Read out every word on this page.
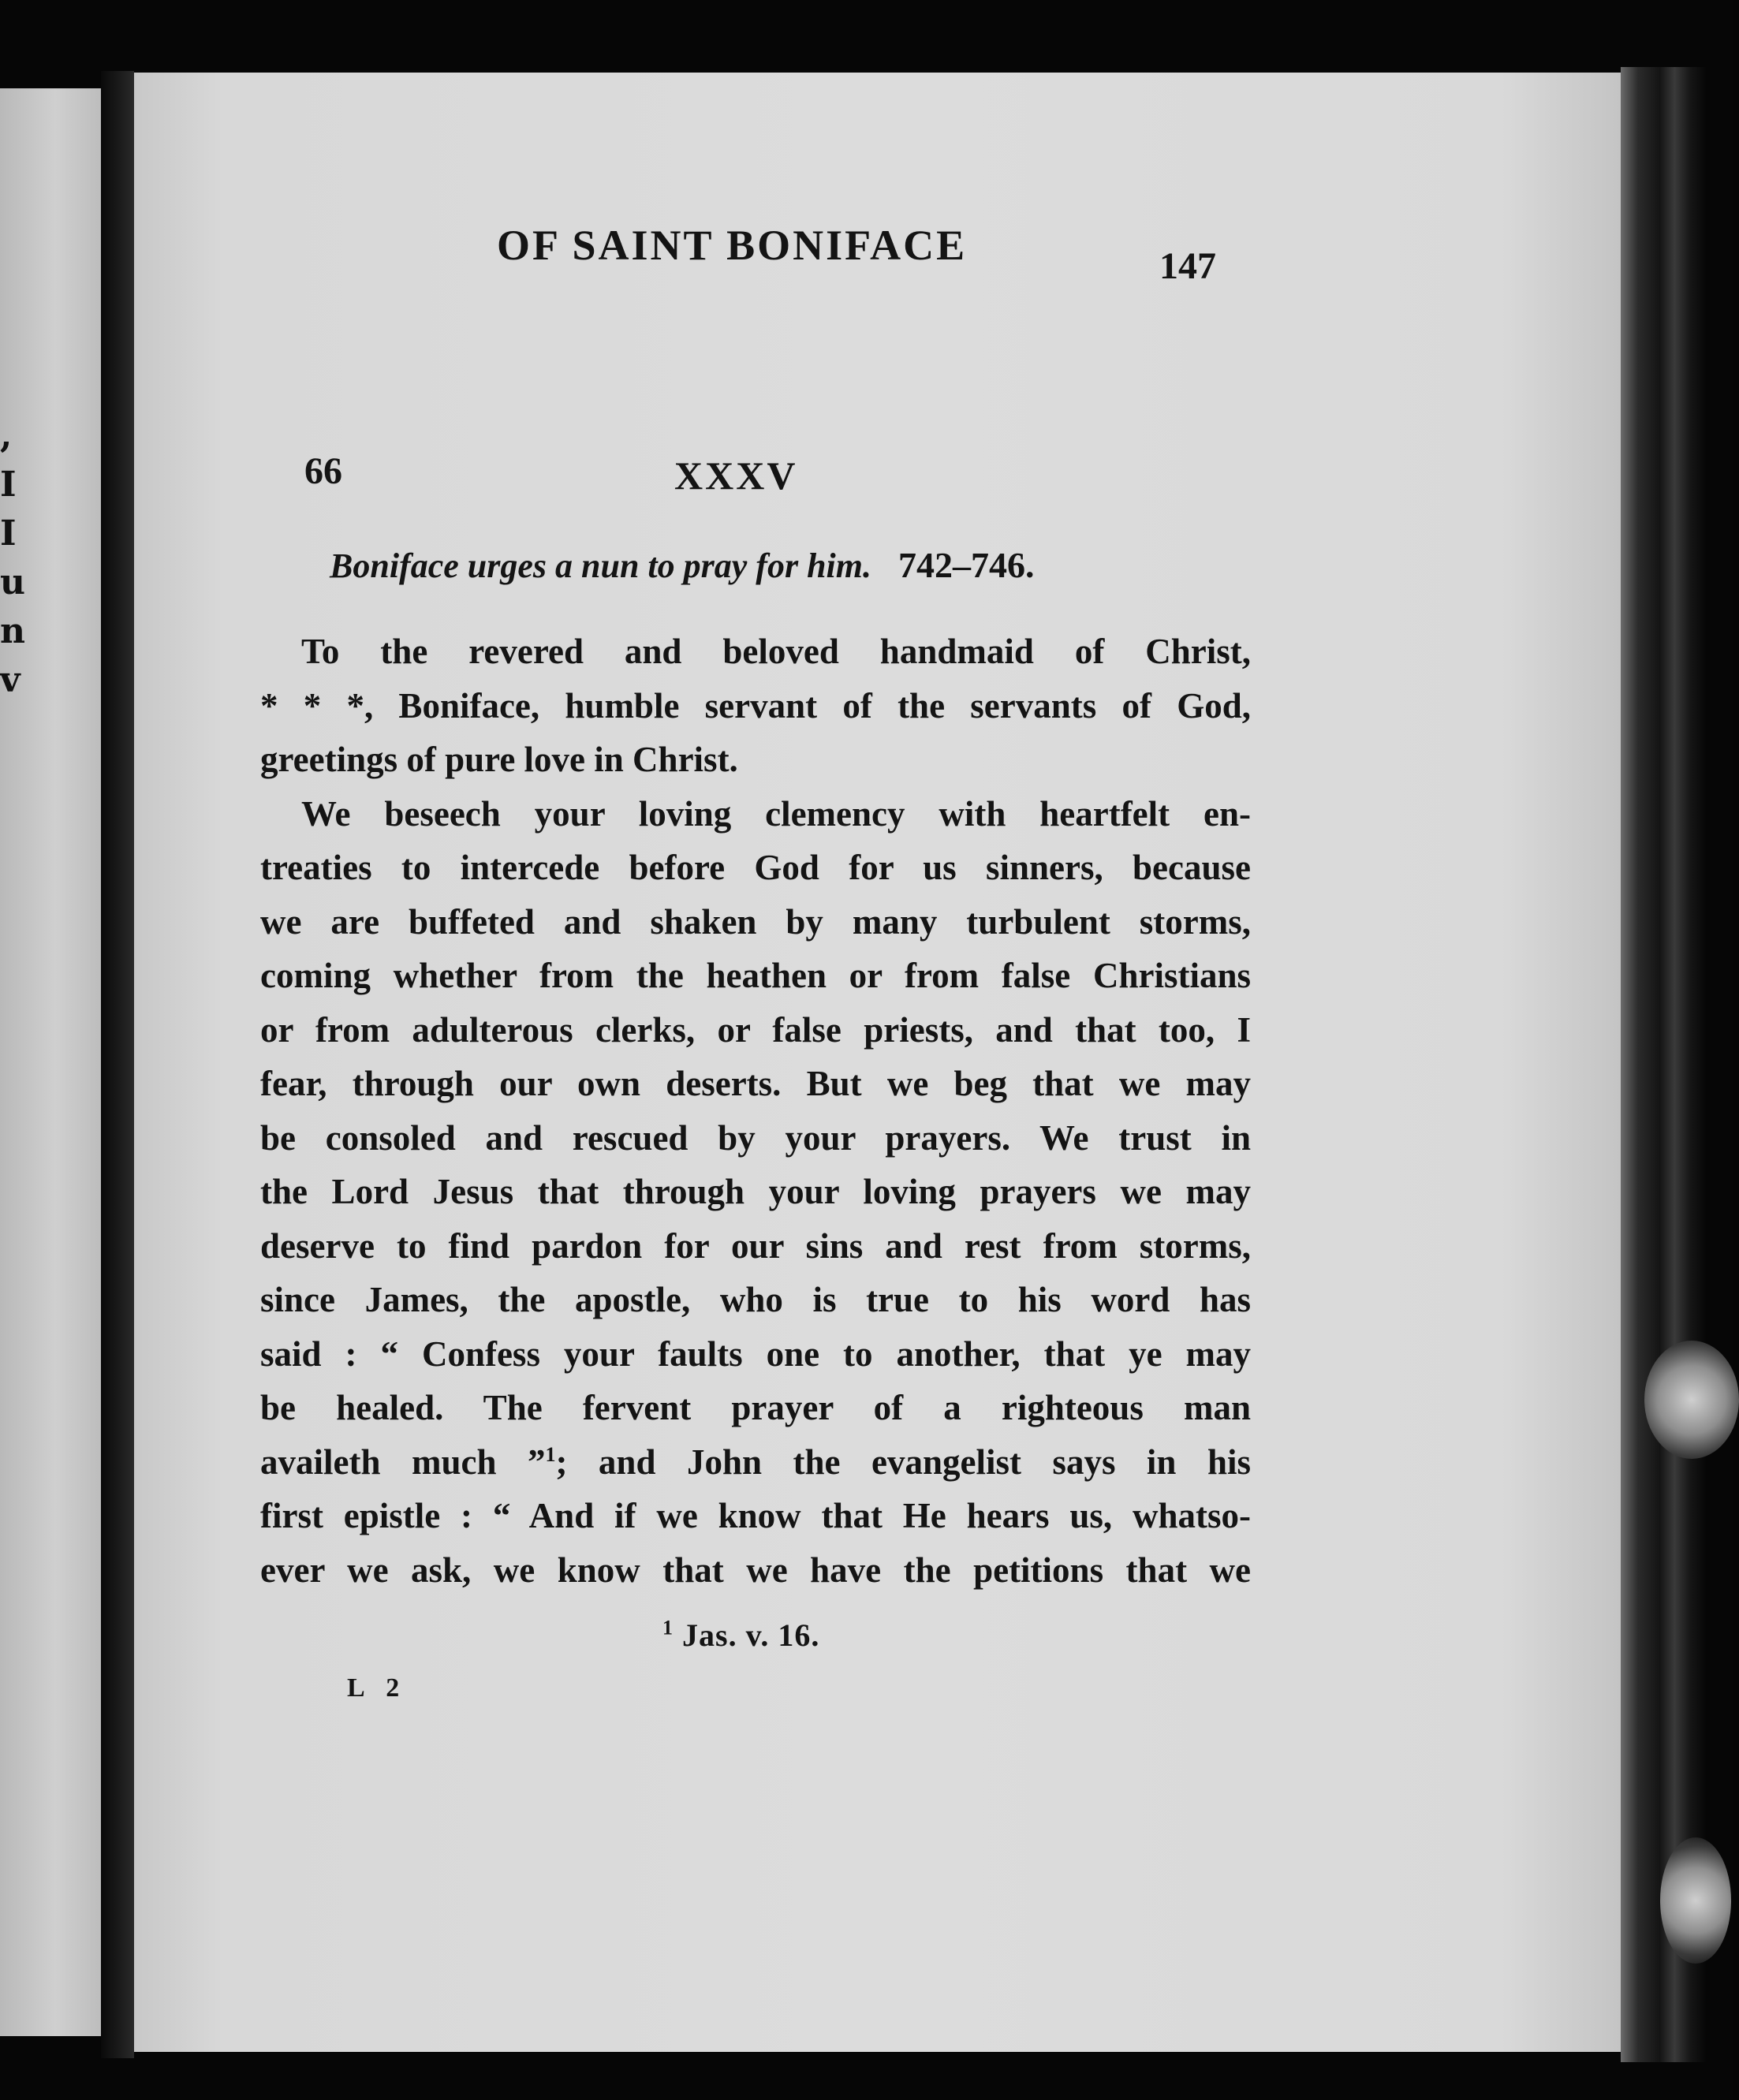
,
I
I
u
n
v
OF SAINT BONIFACE	147
66	XXXV
Boniface urges a nun to pray for him. 742–746.
To the revered and beloved handmaid of Christ,
* * *, Boniface, humble servant of the servants of God,
greetings of pure love in Christ.
We beseech your loving clemency with heartfelt en-
treaties to intercede before God for us sinners, because
we are buffeted and shaken by many turbulent storms,
coming whether from the heathen or from false Christians
or from adulterous clerks, or false priests, and that too, I
fear, through our own deserts. But we beg that we may
be consoled and rescued by your prayers. We trust in
the Lord Jesus that through your loving prayers we may
deserve to find pardon for our sins and rest from storms,
since James, the apostle, who is true to his word has
said : “ Confess your faults one to another, that ye may
be healed. The fervent prayer of a righteous man
availeth much ”$^1$; and John the evangelist says in his
first epistle : “ And if we know that He hears us, whatso-
ever we ask, we know that we have the petitions that we
$^1$ Jas. v. 16.
L 2
